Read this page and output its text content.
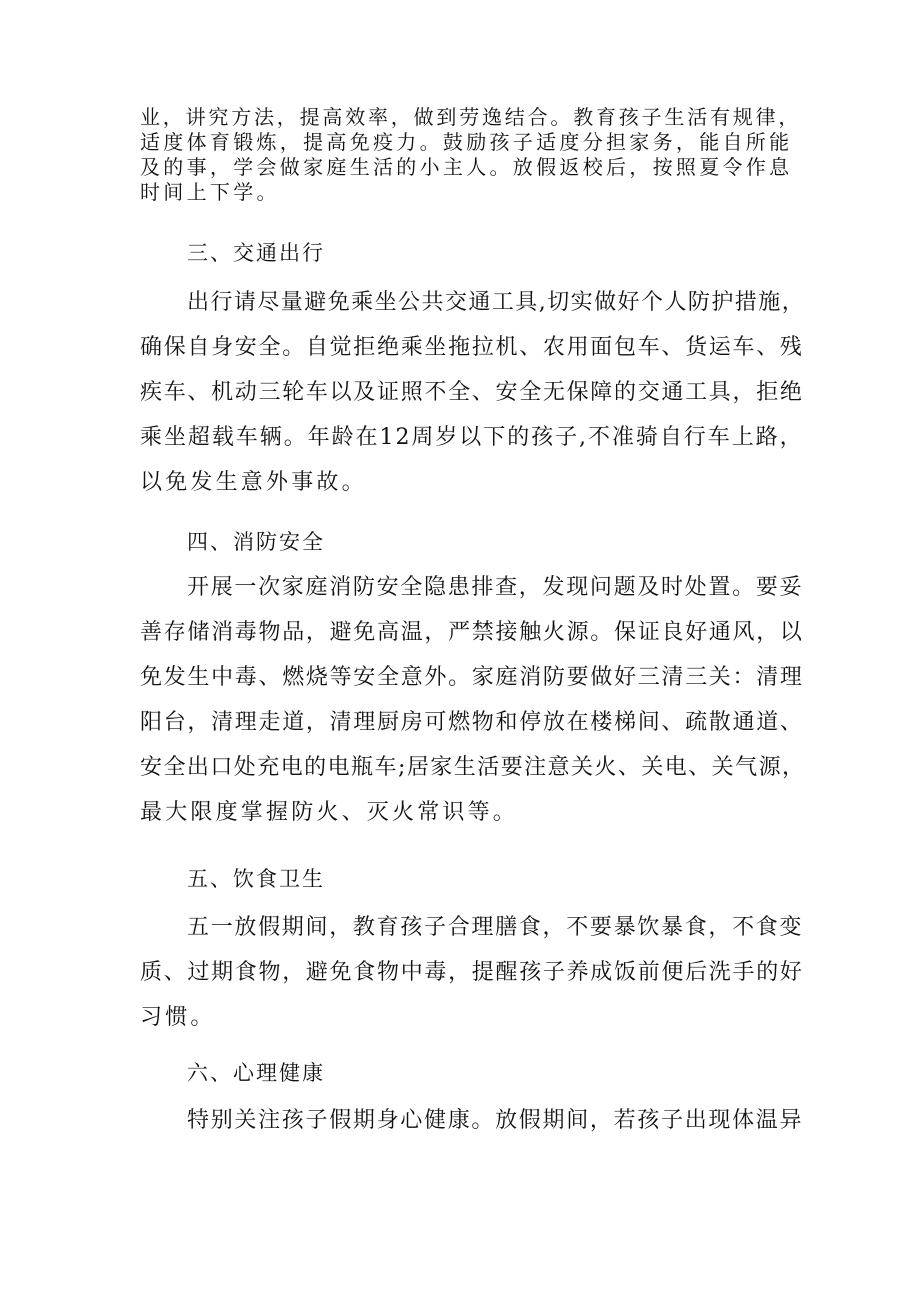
业，讲究方法，提高效率，做到劳逸结合。教育孩子生活有规律，
适度体育锻炼，提高免疫力。鼓励孩子适度分担家务，能自所能
及的事，学会做家庭生活的小主人。放假返校后，按照夏令作息
时间上下学。
三、交通出行
出行请尽量避免乘坐公共交通工具,切实做好个人防护措施，
确保自身安全。自觉拒绝乘坐拖拉机、农用面包车、货运车、残
疾车、机动三轮车以及证照不全、安全无保障的交通工具，拒绝
乘坐超载车辆。年龄在12周岁以下的孩子,不准骑自行车上路，
以免发生意外事故。
四、消防安全
开展一次家庭消防安全隐患排查，发现问题及时处置。要妥
善存储消毒物品，避免高温，严禁接触火源。保证良好通风，以
免发生中毒、燃烧等安全意外。家庭消防要做好三清三关：清理
阳台，清理走道，清理厨房可燃物和停放在楼梯间、疏散通道、
安全出口处充电的电瓶车;居家生活要注意关火、关电、关气源，
最大限度掌握防火、灭火常识等。
五、饮食卫生
五一放假期间，教育孩子合理膳食，不要暴饮暴食，不食变
质、过期食物，避免食物中毒，提醒孩子养成饭前便后洗手的好
习惯。
六、心理健康
特别关注孩子假期身心健康。放假期间，若孩子出现体温异
